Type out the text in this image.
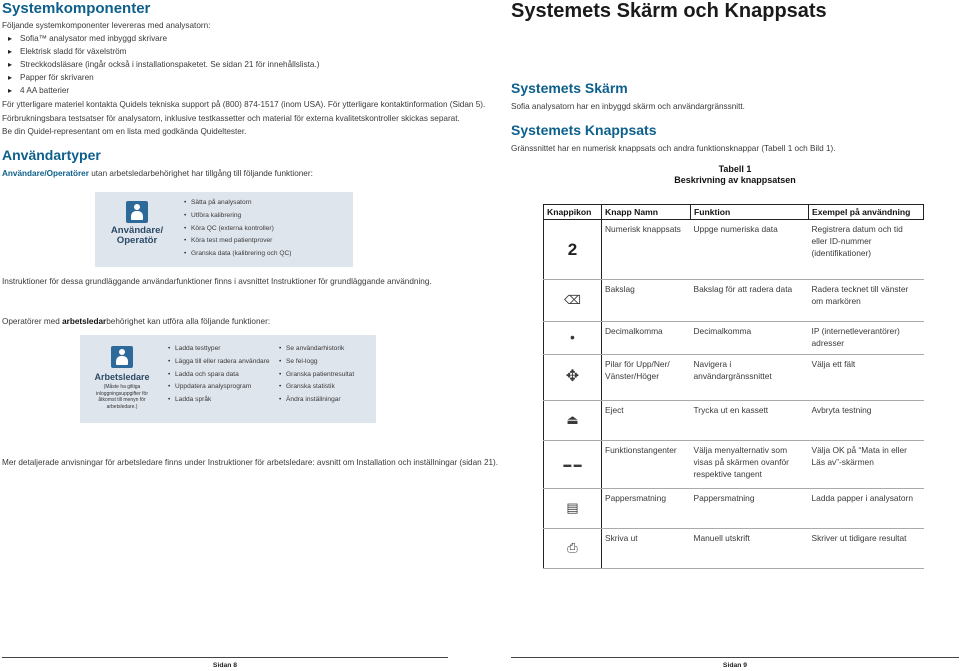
Systemkomponenter
Följande systemkomponenter levereras med analysatorn:
▸ Sofia™ analysator med inbyggd skrivare
▸ Elektrisk sladd för växelström
▸ Streckkodsläsare (ingår också i installationspaketet. Se sidan 21 för innehållslista.)
▸ Papper för skrivaren
▸ 4 AA batterier
För ytterligare materiel kontakta Quidels tekniska support på (800) 874-1517 (inom USA). För ytterligare kontaktinformation (Sidan 5).
Förbrukningsbara testsatser för analysatorn, inklusive testkassetter och material för externa kvalitetskontroller skickas separat.
Be din Quidel-representant om en lista med godkända Quideltester.
Användartyper
Användare/Operatörer utan arbetsledarbehörighet har tillgång till följande funktioner:
Användare/ Operatör
• Sätta på analysatorn
• Utföra kalibrering
• Köra QC (externa kontroller)
• Köra test med patientprover
• Granska data (kalibrering och QC)
Instruktioner för dessa grundläggande användarfunktioner finns i avsnittet Instruktioner för grundläggande användning.
Operatörer med arbetsledarbehörighet kan utföra alla följande funktioner:
Arbetsledare
(Måste ha giltiga inloggningsuppgifter för åtkomst till menyn för arbetsledare.)
• Ladda testtyper
• Lägga till eller radera användare
• Ladda och spara data
• Uppdatera analysprogram
• Ladda språk
• Se användarhistorik
• Se fel-logg
• Granska patientresultat
• Granska statistik
• Ändra inställningar
Mer detaljerade anvisningar för arbetsledare finns under Instruktioner för arbetsledare: avsnitt om Installation och inställningar (sidan 21).
Sidan 8
Systemets Skärm och Knappsats
Systemets Skärm
Sofia analysatorn har en inbyggd skärm och användargränssnitt.
Systemets Knappsats
Gränssnittet har en numerisk knappsats och andra funktionsknappar (Tabell 1 och Bild 1).
Tabell 1
Beskrivning av knappsatsen
Knappikon	Knapp Namn	Funktion	Exempel på användning
2	Numerisk knappsats	Uppge numeriska data	Registrera datum och tid eller ID-nummer (identifikationer)
⌫	Bakslag	Bakslag för att radera data	Radera tecknet till vänster om markören
•	Decimalkomma	Decimalkomma	IP (internetleverantörer) adresser
✥	Pilar för Upp/Ner/ Vänster/Höger	Navigera i användargränssnittet	Välja ett fält
⏏	Eject	Trycka ut en kassett	Avbryta testning
▬ ▬	Funktionstangenter	Välja menyalternativ som visas på skärmen ovanför respektive tangent	Välja OK på “Mata in eller Läs av”-skärmen
▤	Pappersmatning	Pappersmatning	Ladda papper i analysatorn
⎙	Skriva ut	Manuell utskrift	Skriver ut tidigare resultat
Sidan 9
